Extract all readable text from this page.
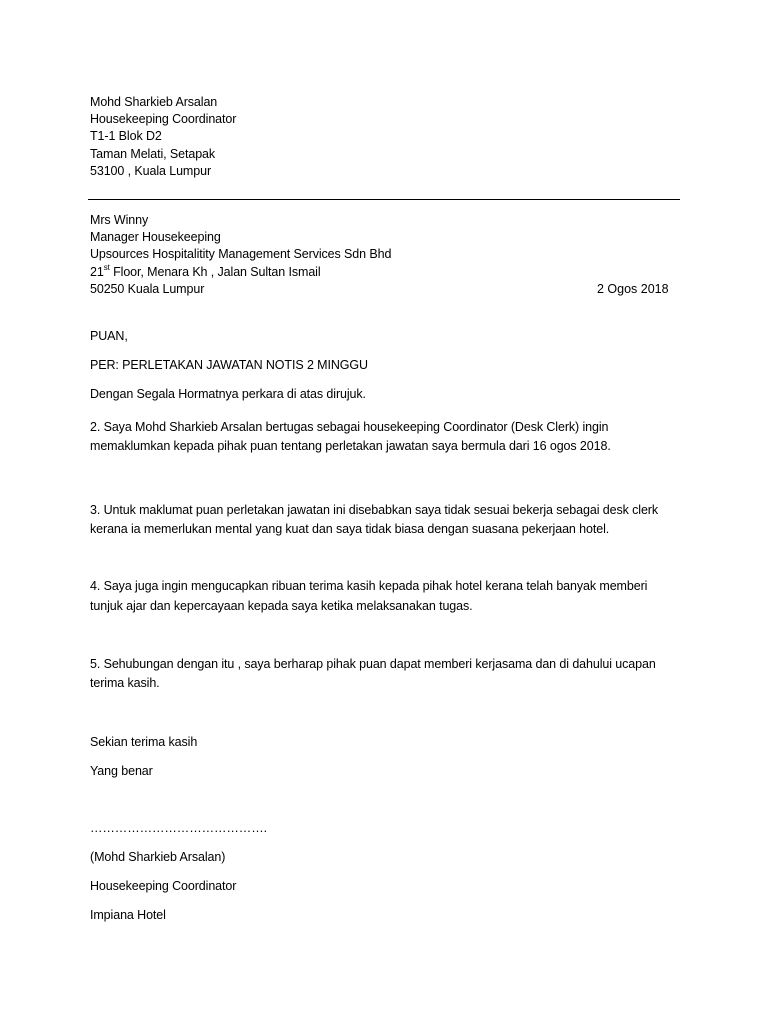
Mohd Sharkieb Arsalan
Housekeeping Coordinator
T1-1 Blok D2
Taman Melati, Setapak
53100 , Kuala Lumpur
Mrs Winny
Manager Housekeeping
Upsources Hospitalitity Management Services Sdn Bhd
21st Floor, Menara Kh , Jalan Sultan Ismail
50250 Kuala Lumpur	2 Ogos 2018
PUAN,
PER: PERLETAKAN JAWATAN NOTIS 2 MINGGU
Dengan Segala Hormatnya perkara di atas dirujuk.
2. Saya Mohd Sharkieb Arsalan bertugas sebagai housekeeping Coordinator (Desk Clerk) ingin
memaklumkan kepada pihak puan tentang perletakan jawatan saya bermula dari 16 ogos 2018.
3. Untuk maklumat puan perletakan jawatan ini disebabkan saya tidak sesuai bekerja sebagai desk clerk
kerana ia memerlukan mental yang kuat dan saya tidak biasa dengan suasana pekerjaan hotel.
4. Saya juga ingin mengucapkan ribuan terima kasih kepada pihak hotel kerana telah banyak memberi
tunjuk ajar dan kepercayaan kepada saya ketika melaksanakan tugas.
5. Sehubungan dengan itu , saya berharap pihak puan dapat memberi kerjasama dan di dahului ucapan
terima kasih.
Sekian terima kasih
Yang benar
…………………………………….
(Mohd Sharkieb Arsalan)
Housekeeping Coordinator
Impiana Hotel
